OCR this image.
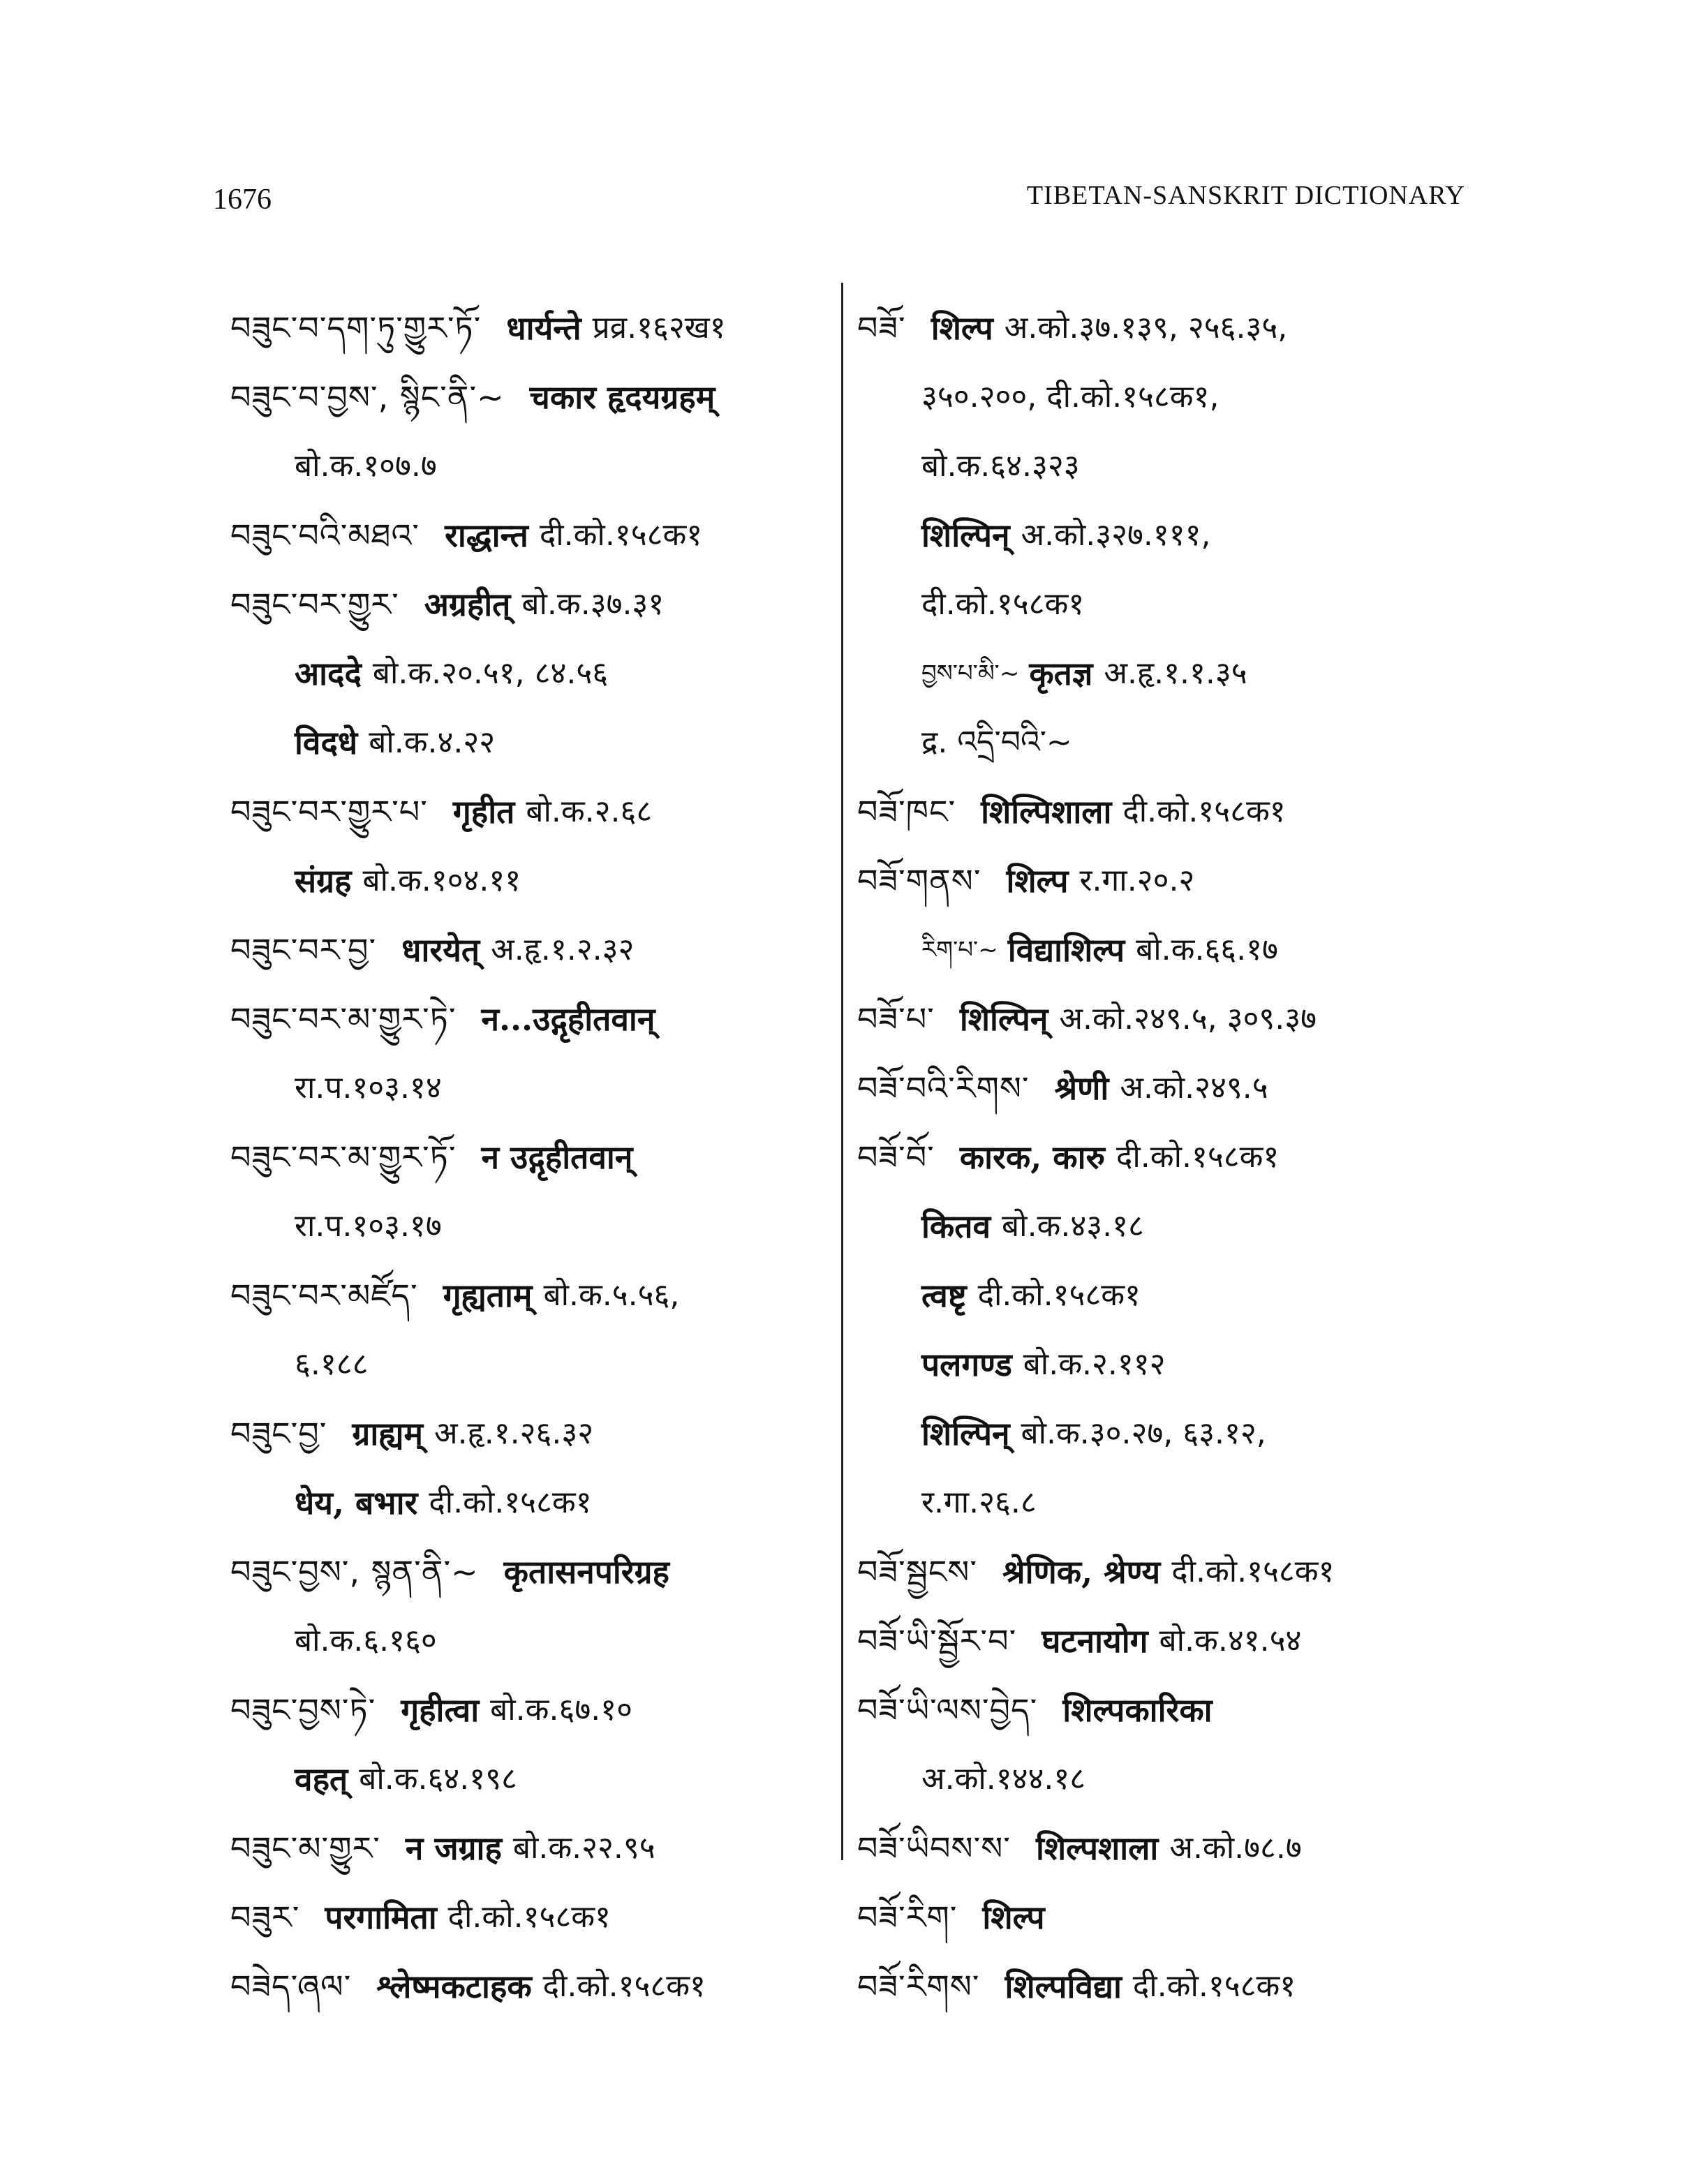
1676	TIBETAN-SANSKRIT DICTIONARY
བཟུང་བ་དག་ཏུ་གྱུར་ཏོ་ धार्यन्ते प्रव्र.१६२ख१
བཟུང་བ་བྱས་, སྙིང་ནི་~ चकार हृदयग्रहम्
बो.क.१०७.७
བཟུང་བའི་མཐའ་ राद्धान्त दी.को.१५८क१
བཟུང་བར་གྱུར་ अग्रहीत् बो.क.३७.३१
आददे बो.क.२०.५१, ८४.५६
विदधे बो.क.४.२२
བཟུང་བར་གྱུར་པ་ गृहीत बो.क.२.६८
संग्रह बो.क.१०४.११
བཟུང་བར་བྱ་ धारयेत् अ.हृ.१.२.३२
བཟུང་བར་མ་གྱུར་ཏེ་ न...उद्गृहीतवान्
रा.प.१०३.१४
བཟུང་བར་མ་གྱུར་ཏོ་ न उद्गृहीतवान्
रा.प.१०३.१७
བཟུང་བར་མཛོད་ गृह्यताम् बो.क.५.५६,
६.१८८
བཟུང་བྱ་ ग्राह्यम् अ.हृ.१.२६.३२
धेय, बभार दी.को.१५८क१
བཟུང་བྱས་, སྙན་ནི་~ कृतासनपरिग्रह
बो.क.६.१६०
བཟུང་བྱས་ཏེ་ गृहीत्वा बो.क.६७.१०
वहत् बो.क.६४.१९८
བཟུང་མ་གྱུར་ न जग्राह बो.क.२२.९५
བཟུར་ परगामिता दी.को.१५८क१
བཟེད་ཞལ་ श्लेष्मकटाहक दी.को.१५८क१
བཟོ་ शिल्प अ.को.३७.१३९, २५६.३५,
३५०.२००, दी.को.१५८क१,
बो.क.६४.३२३
शिल्पिन् अ.को.३२७.१११,
दी.को.१५८क१
བྱས་པ་མི་~ कृतज्ञ अ.हृ.१.१.३५
द्र. འདྲི་བའི་~
བཟོ་ཁང་ शिल्पिशाला दी.को.१५८क१
བཟོ་གནས་ शिल्प र.गा.२०.२
རིག་པ་~ विद्याशिल्प बो.क.६६.१७
བཟོ་པ་ शिल्पिन् अ.को.२४९.५, ३०९.३७
བཟོ་བའི་རིགས་ श्रेणी अ.को.२४९.५
བཟོ་བོ་ कारक, कारु दी.को.१५८क१
कितव बो.क.४३.१८
त्वष्टृ दी.को.१५८क१
पलगण्ड बो.क.२.११२
शिल्पिन् बो.क.३०.२७, ६३.१२,
र.गा.२६.८
བཟོ་སྦྱངས་ श्रेणिक, श्रेण्य दी.को.१५८क१
བཟོ་ཡི་སྦྱོར་བ་ घटनायोग बो.क.४१.५४
བཟོ་ཡི་ལས་བྱེད་ शिल्पकारिका
अ.को.१४४.१८
བཟོ་ཡིབས་ས་ शिल्पशाला अ.को.७८.७
བཟོ་རིག་ शिल्प
བཟོ་རིགས་ शिल्पविद्या दी.को.१५८क१
